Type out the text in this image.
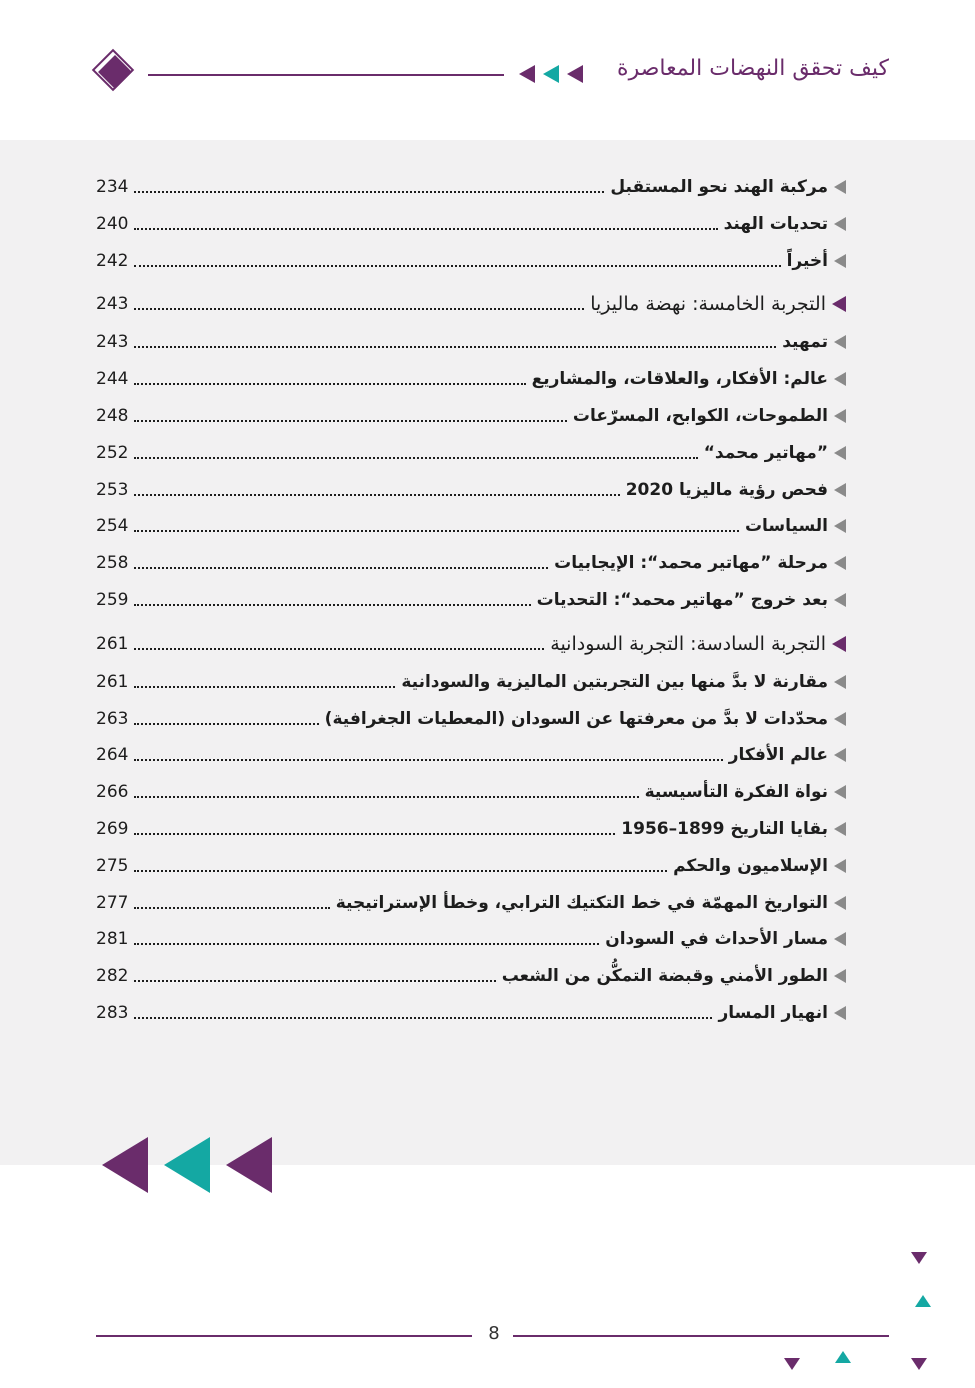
كيف تحقق النهضات المعاصرة
مركبة الهند نحو المستقبل
234
تحديات الهند
240
أخيراً
242
التجربة الخامسة: نهضة ماليزيا
243
تمهيد
243
عالم: الأفكار، والعلاقات، والمشاريع
244
الطموحات، الكوابح، المسرّعات
248
”مهاتير محمد“
252
فحص رؤية ماليزيا 2020
253
السياسات
254
مرحلة ”مهاتير محمد“: الإيجابيات
258
بعد خروج ”مهاتير محمد“: التحديات
259
التجربة السادسة: التجربة السودانية
261
مقارنة لا بدَّ منها بين التجربتين الماليزية والسودانية
261
محدّدات لا بدَّ من معرفتها عن السودان (المعطيات الجغرافية)
263
عالم الأفكار
264
نواة الفكرة التأسيسية
266
بقايا التاريخ 1899–1956
269
الإسلاميون والحكم
275
التواريخ المهمّة في خط التكتيك الترابي، وخطأ الإستراتيجية
277
مسار الأحداث في السودان
281
الطور الأمني وقبضة التمكُّن من الشعب
282
انهيار المسار
283
8
